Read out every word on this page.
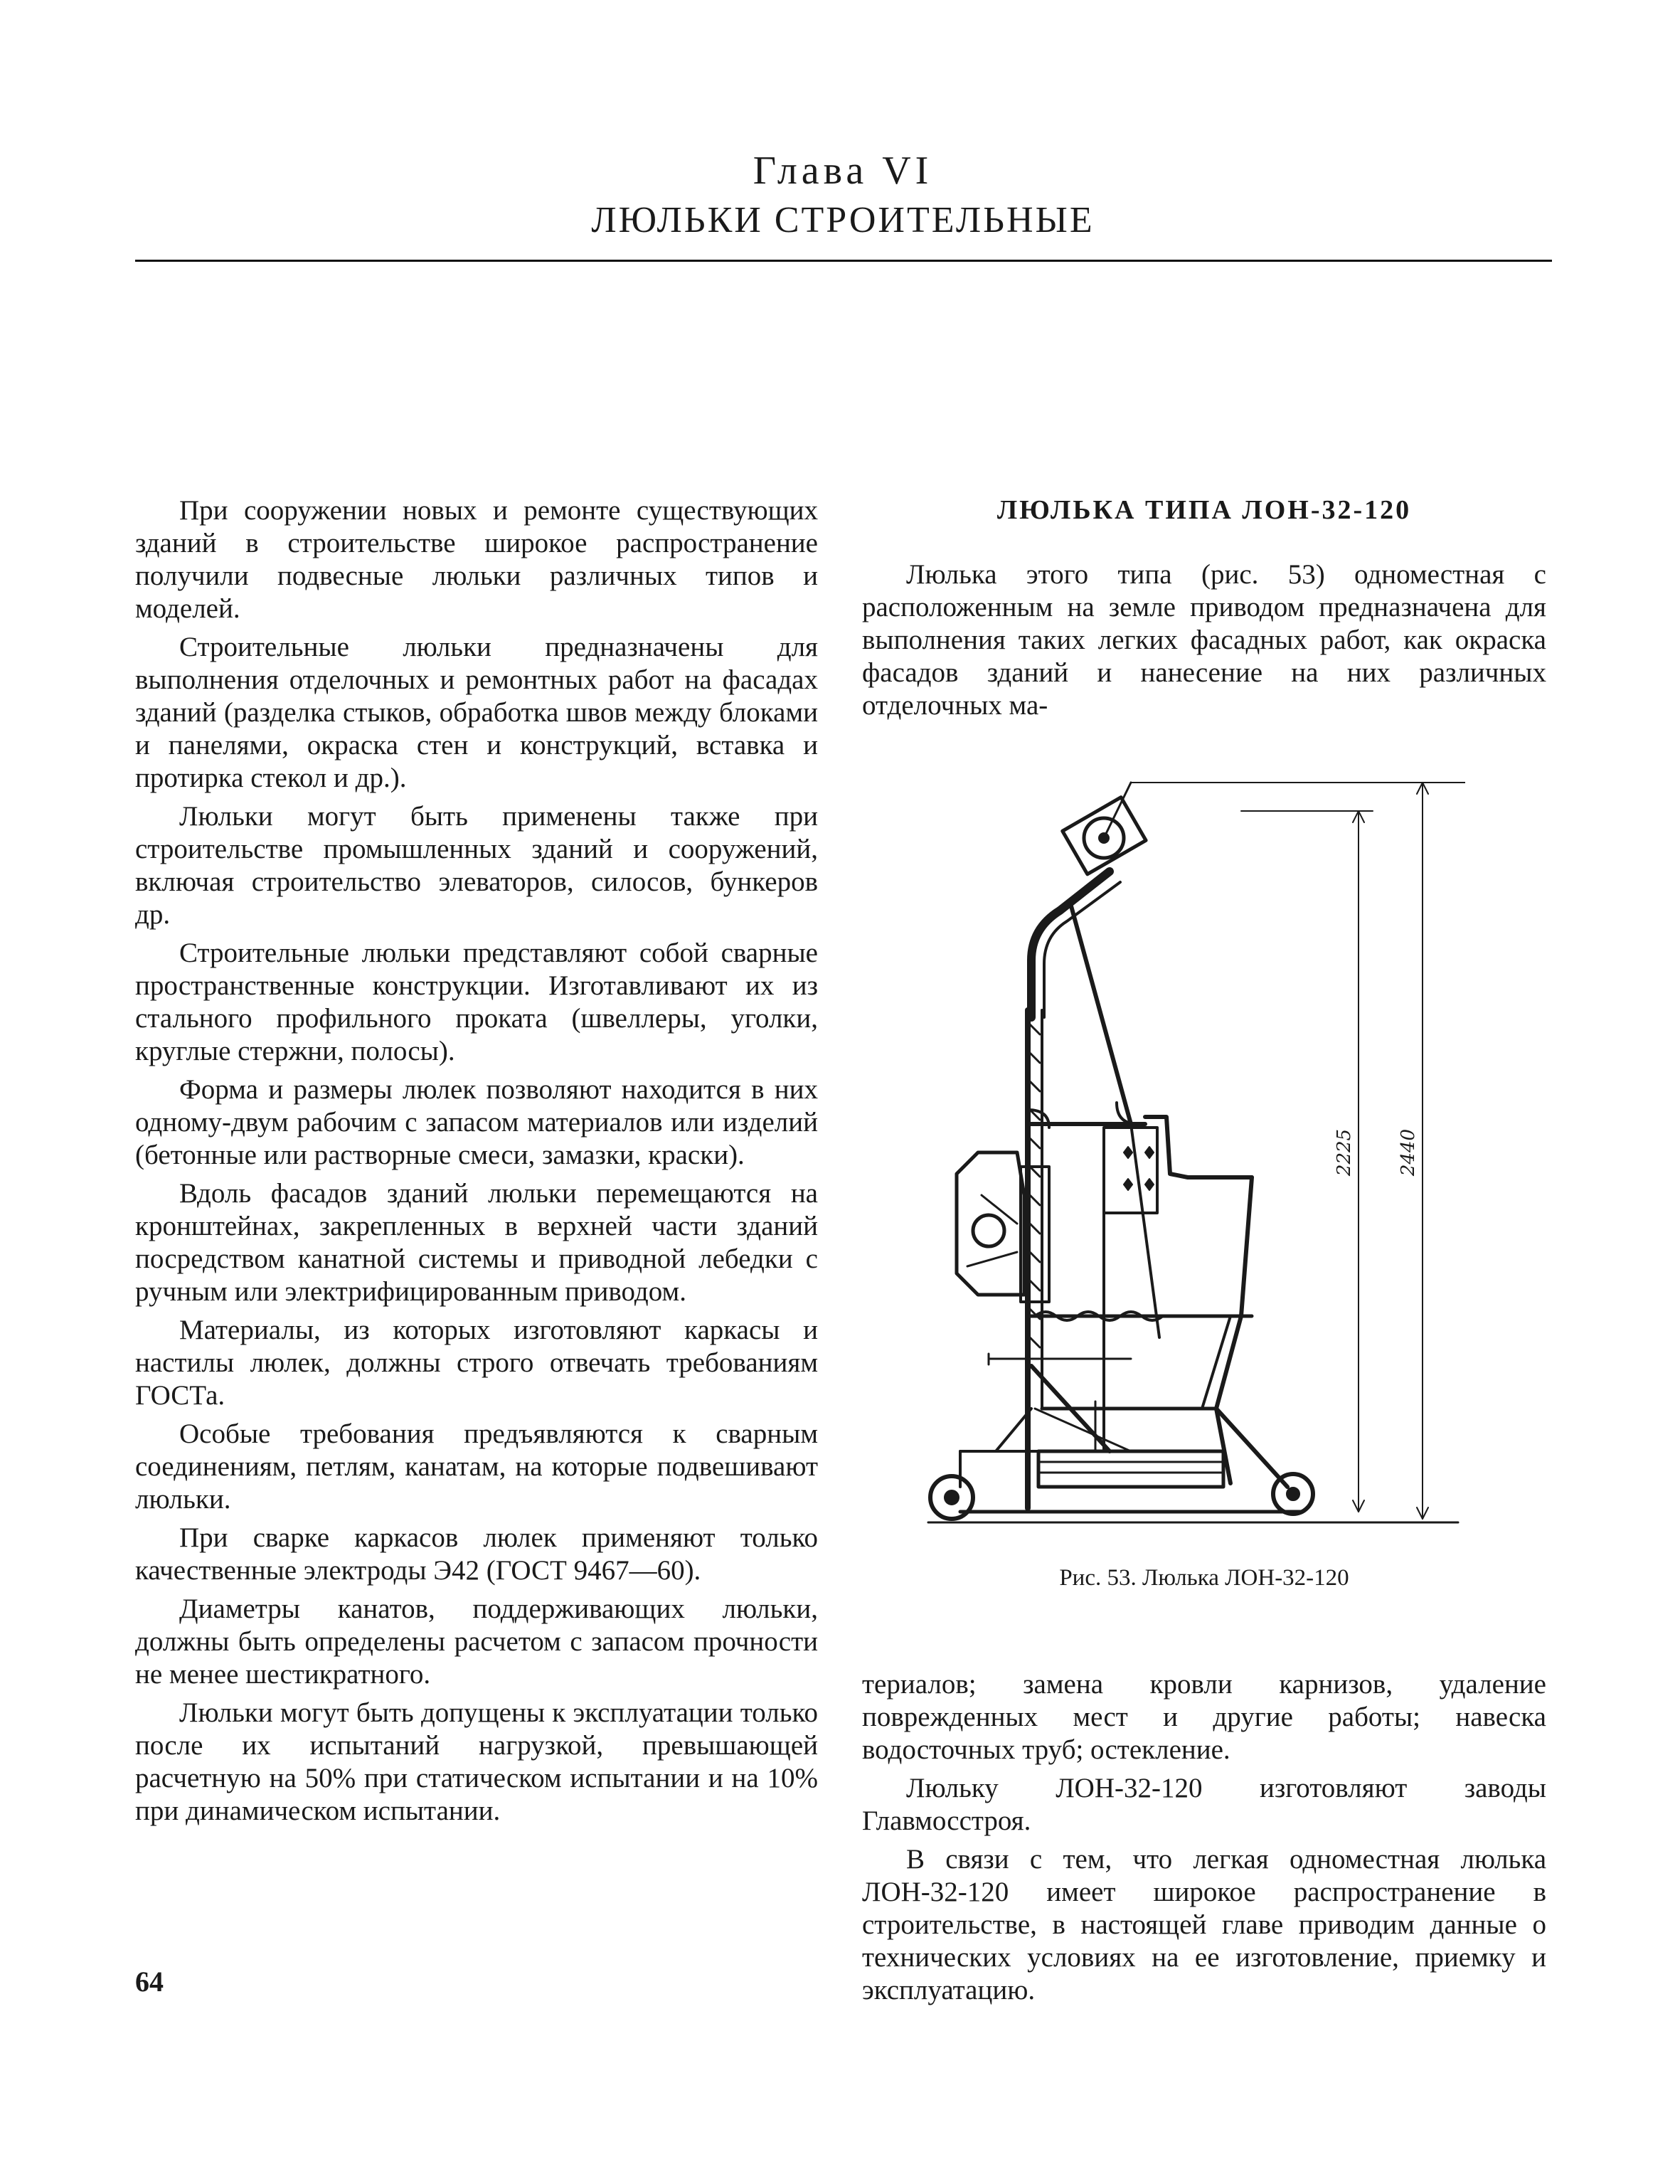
Глава VI
ЛЮЛЬКИ СТРОИТЕЛЬНЫЕ

При сооружении новых и ремонте существующих зданий в строительстве широкое распространение получили подвесные люльки различных типов и моделей.

Строительные люльки предназначены для выполнения отделочных и ремонтных работ на фасадах зданий (разделка стыков, обработка швов между блоками и панелями, окраска стен и конструкций, вставка и протирка стекол и др.).

Люльки могут быть применены также при строительстве промышленных зданий и сооружений, включая строительство элеваторов, силосов, бункеров др.

Строительные люльки представляют собой сварные пространственные конструкции. Изготавливают их из стального профильного проката (швеллеры, уголки, круглые стержни, полосы).

Форма и размеры люлек позволяют находится в них одному-двум рабочим с запасом материалов или изделий (бетонные или растворные смеси, замазки, краски).

Вдоль фасадов зданий люльки перемещаются на кронштейнах, закрепленных в верхней части зданий посредством канатной системы и приводной лебедки с ручным или электрифицированным приводом.

Материалы, из которых изготовляют каркасы и настилы люлек, должны строго отвечать требованиям ГОСТа.

Особые требования предъявляются к сварным соединениям, петлям, канатам, на которые подвешивают люльки.

При сварке каркасов люлек применяют только качественные электроды Э42 (ГОСТ 9467—60).

Диаметры канатов, поддерживающих люльки, должны быть определены расчетом с запасом прочности не менее шестикратного.

Люльки могут быть допущены к эксплуатации только после их испытаний нагрузкой, превышающей расчетную на 50% при статическом испытании и на 10% при динамическом испытании.

ЛЮЛЬКА ТИПА ЛОН-32-120

Люлька этого типа (рис. 53) одноместная с расположенным на земле приводом предназначена для выполнения таких легких фасадных работ, как окраска фасадов зданий и нанесение на них различных отделочных ма-

2225 2440
Рис. 53. Люлька ЛОН-32-120

териалов; замена кровли карнизов, удаление поврежденных мест и другие работы; навеска водосточных труб; остекление.

Люльку ЛОН-32-120 изготовляют заводы Главмосстроя.

В связи с тем, что легкая одноместная люлька ЛОН-32-120 имеет широкое распространение в строительстве, в настоящей главе приводим данные о технических условиях на ее изготовление, приемку и эксплуатацию.

64
